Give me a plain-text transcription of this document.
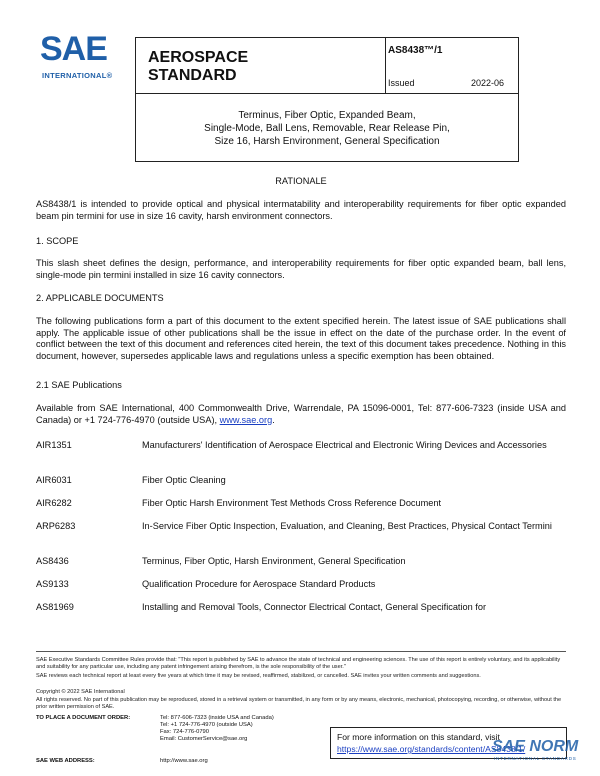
SAE
INTERNATIONAL®
AEROSPACE
STANDARD
AS8438™/1
Issued	2022-06
Terminus, Fiber Optic, Expanded Beam,
Single-Mode, Ball Lens, Removable, Rear Release Pin,
Size 16, Harsh Environment, General Specification
RATIONALE
AS8438/1 is intended to provide optical and physical intermatability and interoperability requirements for fiber optic expanded beam pin termini for use in size 16 cavity, harsh environment connectors.
1. SCOPE
This slash sheet defines the design, performance, and interoperability requirements for fiber optic expanded beam, ball lens, single-mode pin termini installed in size 16 cavity connectors.
2. APPLICABLE DOCUMENTS
The following publications form a part of this document to the extent specified herein. The latest issue of SAE publications shall apply. The applicable issue of other publications shall be the issue in effect on the date of the purchase order. In the event of conflict between the text of this document and references cited herein, the text of this document takes precedence. Nothing in this document, however, supersedes applicable laws and regulations unless a specific exemption has been obtained.
2.1 SAE Publications
Available from SAE International, 400 Commonwealth Drive, Warrendale, PA 15096-0001, Tel: 877-606-7323 (inside USA and Canada) or +1 724-776-4970 (outside USA), www.sae.org.
AIR1351	Manufacturers' Identification of Aerospace Electrical and Electronic Wiring Devices and Accessories
AIR6031	Fiber Optic Cleaning
AIR6282	Fiber Optic Harsh Environment Test Methods Cross Reference Document
ARP6283	In-Service Fiber Optic Inspection, Evaluation, and Cleaning, Best Practices, Physical Contact Termini
AS8436	Terminus, Fiber Optic, Harsh Environment, General Specification
AS9133	Qualification Procedure for Aerospace Standard Products
AS81969	Installing and Removal Tools, Connector Electrical Contact, General Specification for
SAE Executive Standards Committee Rules provide that: "This report is published by SAE to advance the state of technical and engineering sciences. The use of this report is entirely voluntary, and its applicability and suitability for any particular use, including any patent infringement arising therefrom, is the sole responsibility of the user."
SAE reviews each technical report at least every five years at which time it may be revised, reaffirmed, stabilized, or cancelled. SAE invites your written comments and suggestions.
Copyright © 2022 SAE International
All rights reserved. No part of this publication may be reproduced, stored in a retrieval system or transmitted, in any form or by any means, electronic, mechanical, photocopying, recording, or otherwise, without the prior written permission of SAE.
TO PLACE A DOCUMENT ORDER:	Tel: 877-606-7323 (inside USA and Canada)
Tel: +1 724-776-4970 (outside USA)
Fax: 724-776-0790
Email: CustomerService@sae.org
SAE WEB ADDRESS:	http://www.sae.org
For more information on this standard, visit
https://www.sae.org/standards/content/AS8438/1/
SAE NORM
INTERNATIONAL STANDARDS
